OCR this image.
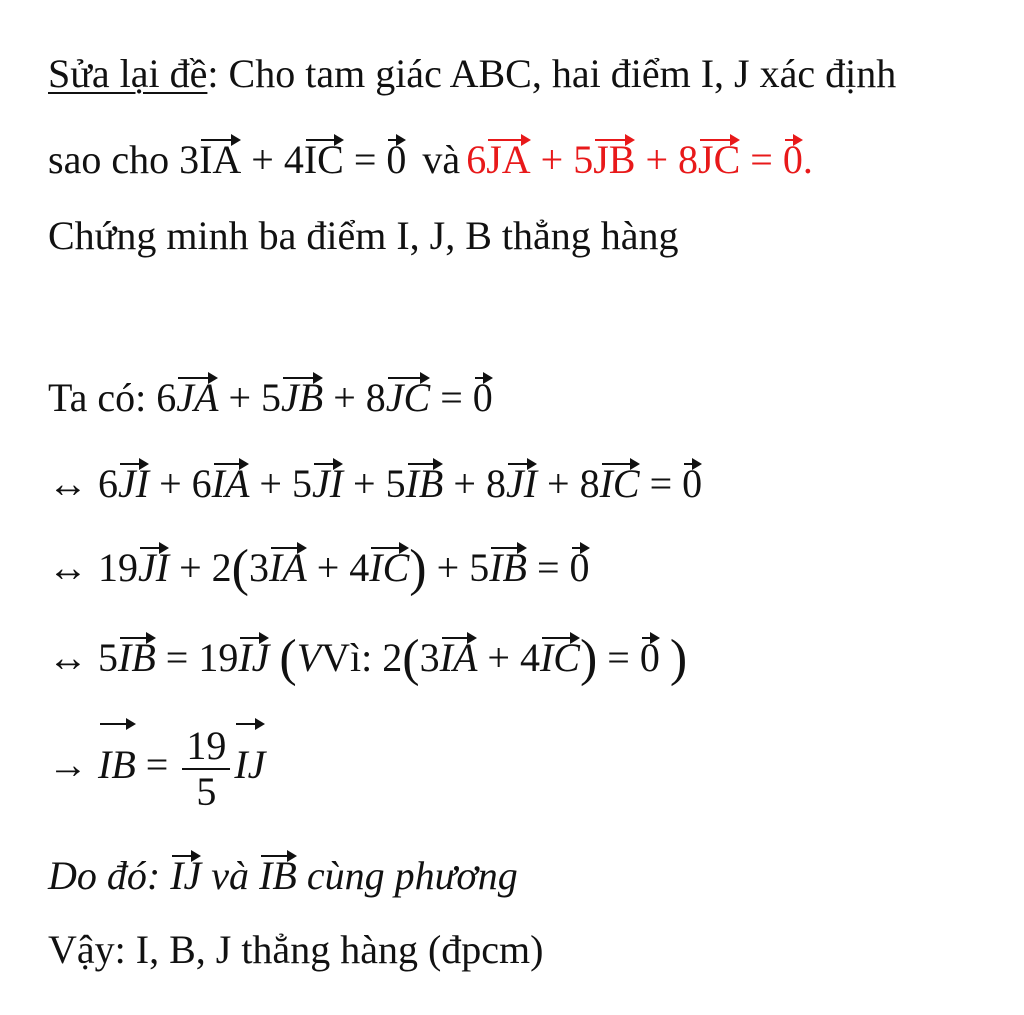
Sửa lại đề: Cho tam giác ABC, hai điểm I, J xác định
sao cho 3IA + 4IC = 0 và 6JA + 5JB + 8JC = 0.
Chứng minh ba điểm I, J, B thẳng hàng
Ta có: 6JA + 5JB + 8JC = 0
↔ 6JI + 6IA + 5JI + 5IB + 8JI + 8IC = 0
↔ 19JI + 2(3IA + 4IC) + 5IB = 0
↔ 5IB = 19IJ (VVì: 2(3IA + 4IC) = 0 )
→ IB = $\frac{19}{5}$ IJ
Do đó: IJ và IB cùng phương
Vậy: I, B, J thẳng hàng (đpcm)
